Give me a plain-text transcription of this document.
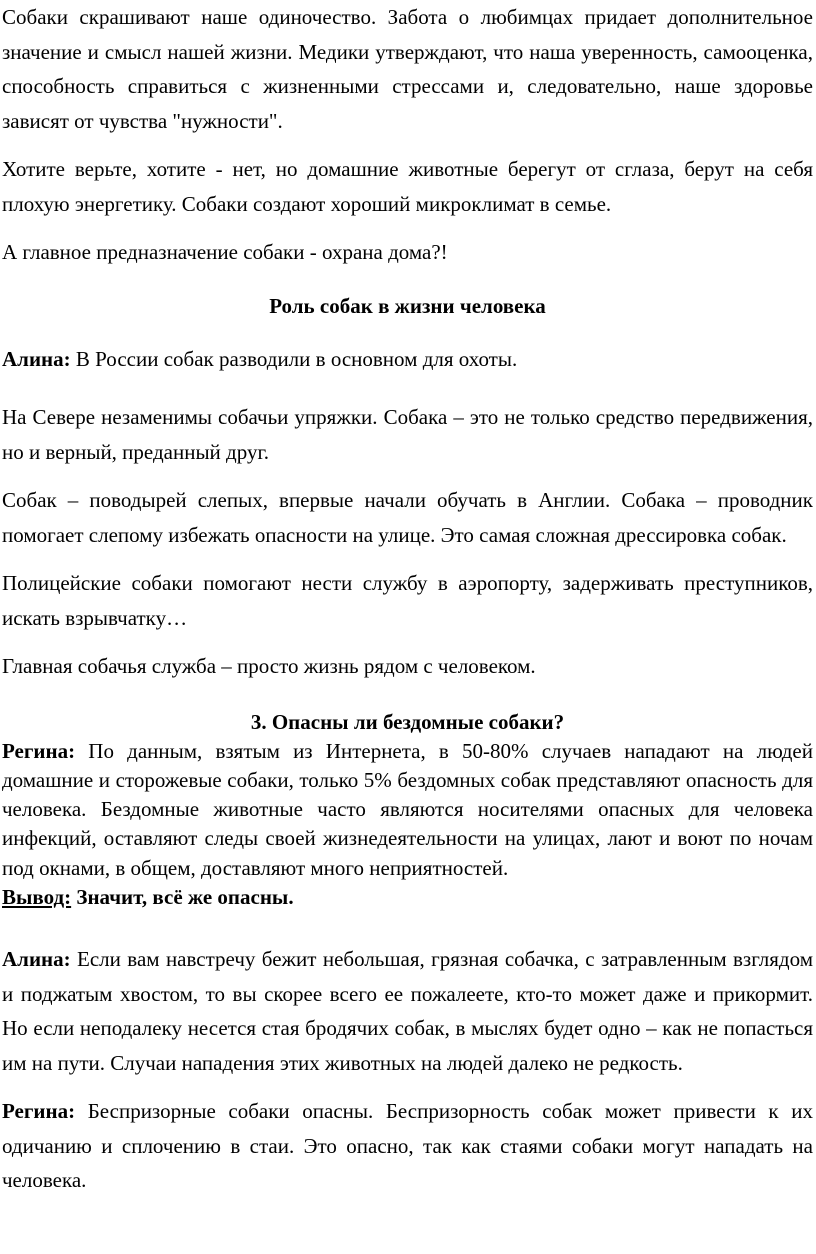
Собаки скрашивают наше одиночество. Забота о любимцах придает дополнительное значение и смысл нашей жизни. Медики утверждают, что наша уверенность, самооценка, способность справиться с жизненными стрессами и, следовательно, наше здоровье зависят от чувства "нужности".

Хотите верьте, хотите - нет, но домашние животные берегут от сглаза, берут на себя плохую энергетику. Собаки создают хороший микроклимат в семье.

А главное предназначение собаки - охрана дома?!

Роль собак в жизни человека

Алина: В России собак разводили в основном для охоты.

На Севере незаменимы собачьи упряжки. Собака – это не только средство передвижения, но и верный, преданный друг.

Собак – поводырей слепых, впервые начали обучать в Англии. Собака – проводник помогает слепому избежать опасности на улице. Это самая сложная дрессировка собак.

Полицейские собаки помогают нести службу в аэропорту, задерживать преступников, искать взрывчатку…

Главная собачья служба – просто жизнь рядом с человеком.

3. Опасны ли бездомные собаки?

Регина: По данным, взятым из Интернета, в 50-80% случаев нападают на людей домашние и сторожевые собаки, только 5% бездомных собак представляют опасность для человека. Бездомные животные часто являются носителями опасных для человека инфекций, оставляют следы своей жизнедеятельности на улицах, лают и воют по ночам под окнами, в общем, доставляют много неприятностей.

Вывод: Значит, всё же опасны.

Алина: Если вам навстречу бежит небольшая, грязная собачка, с затравленным взглядом и поджатым хвостом, то вы скорее всего ее пожалеете, кто-то может даже и прикормит. Но если неподалеку несется стая бродячих собак, в мыслях будет одно – как не попасться им на пути. Случаи нападения этих животных на людей далеко не редкость.

Регина: Беспризорные собаки опасны. Беспризорность собак может привести к их одичанию и сплочению в стаи. Это опасно, так как стаями собаки могут нападать на человека.
